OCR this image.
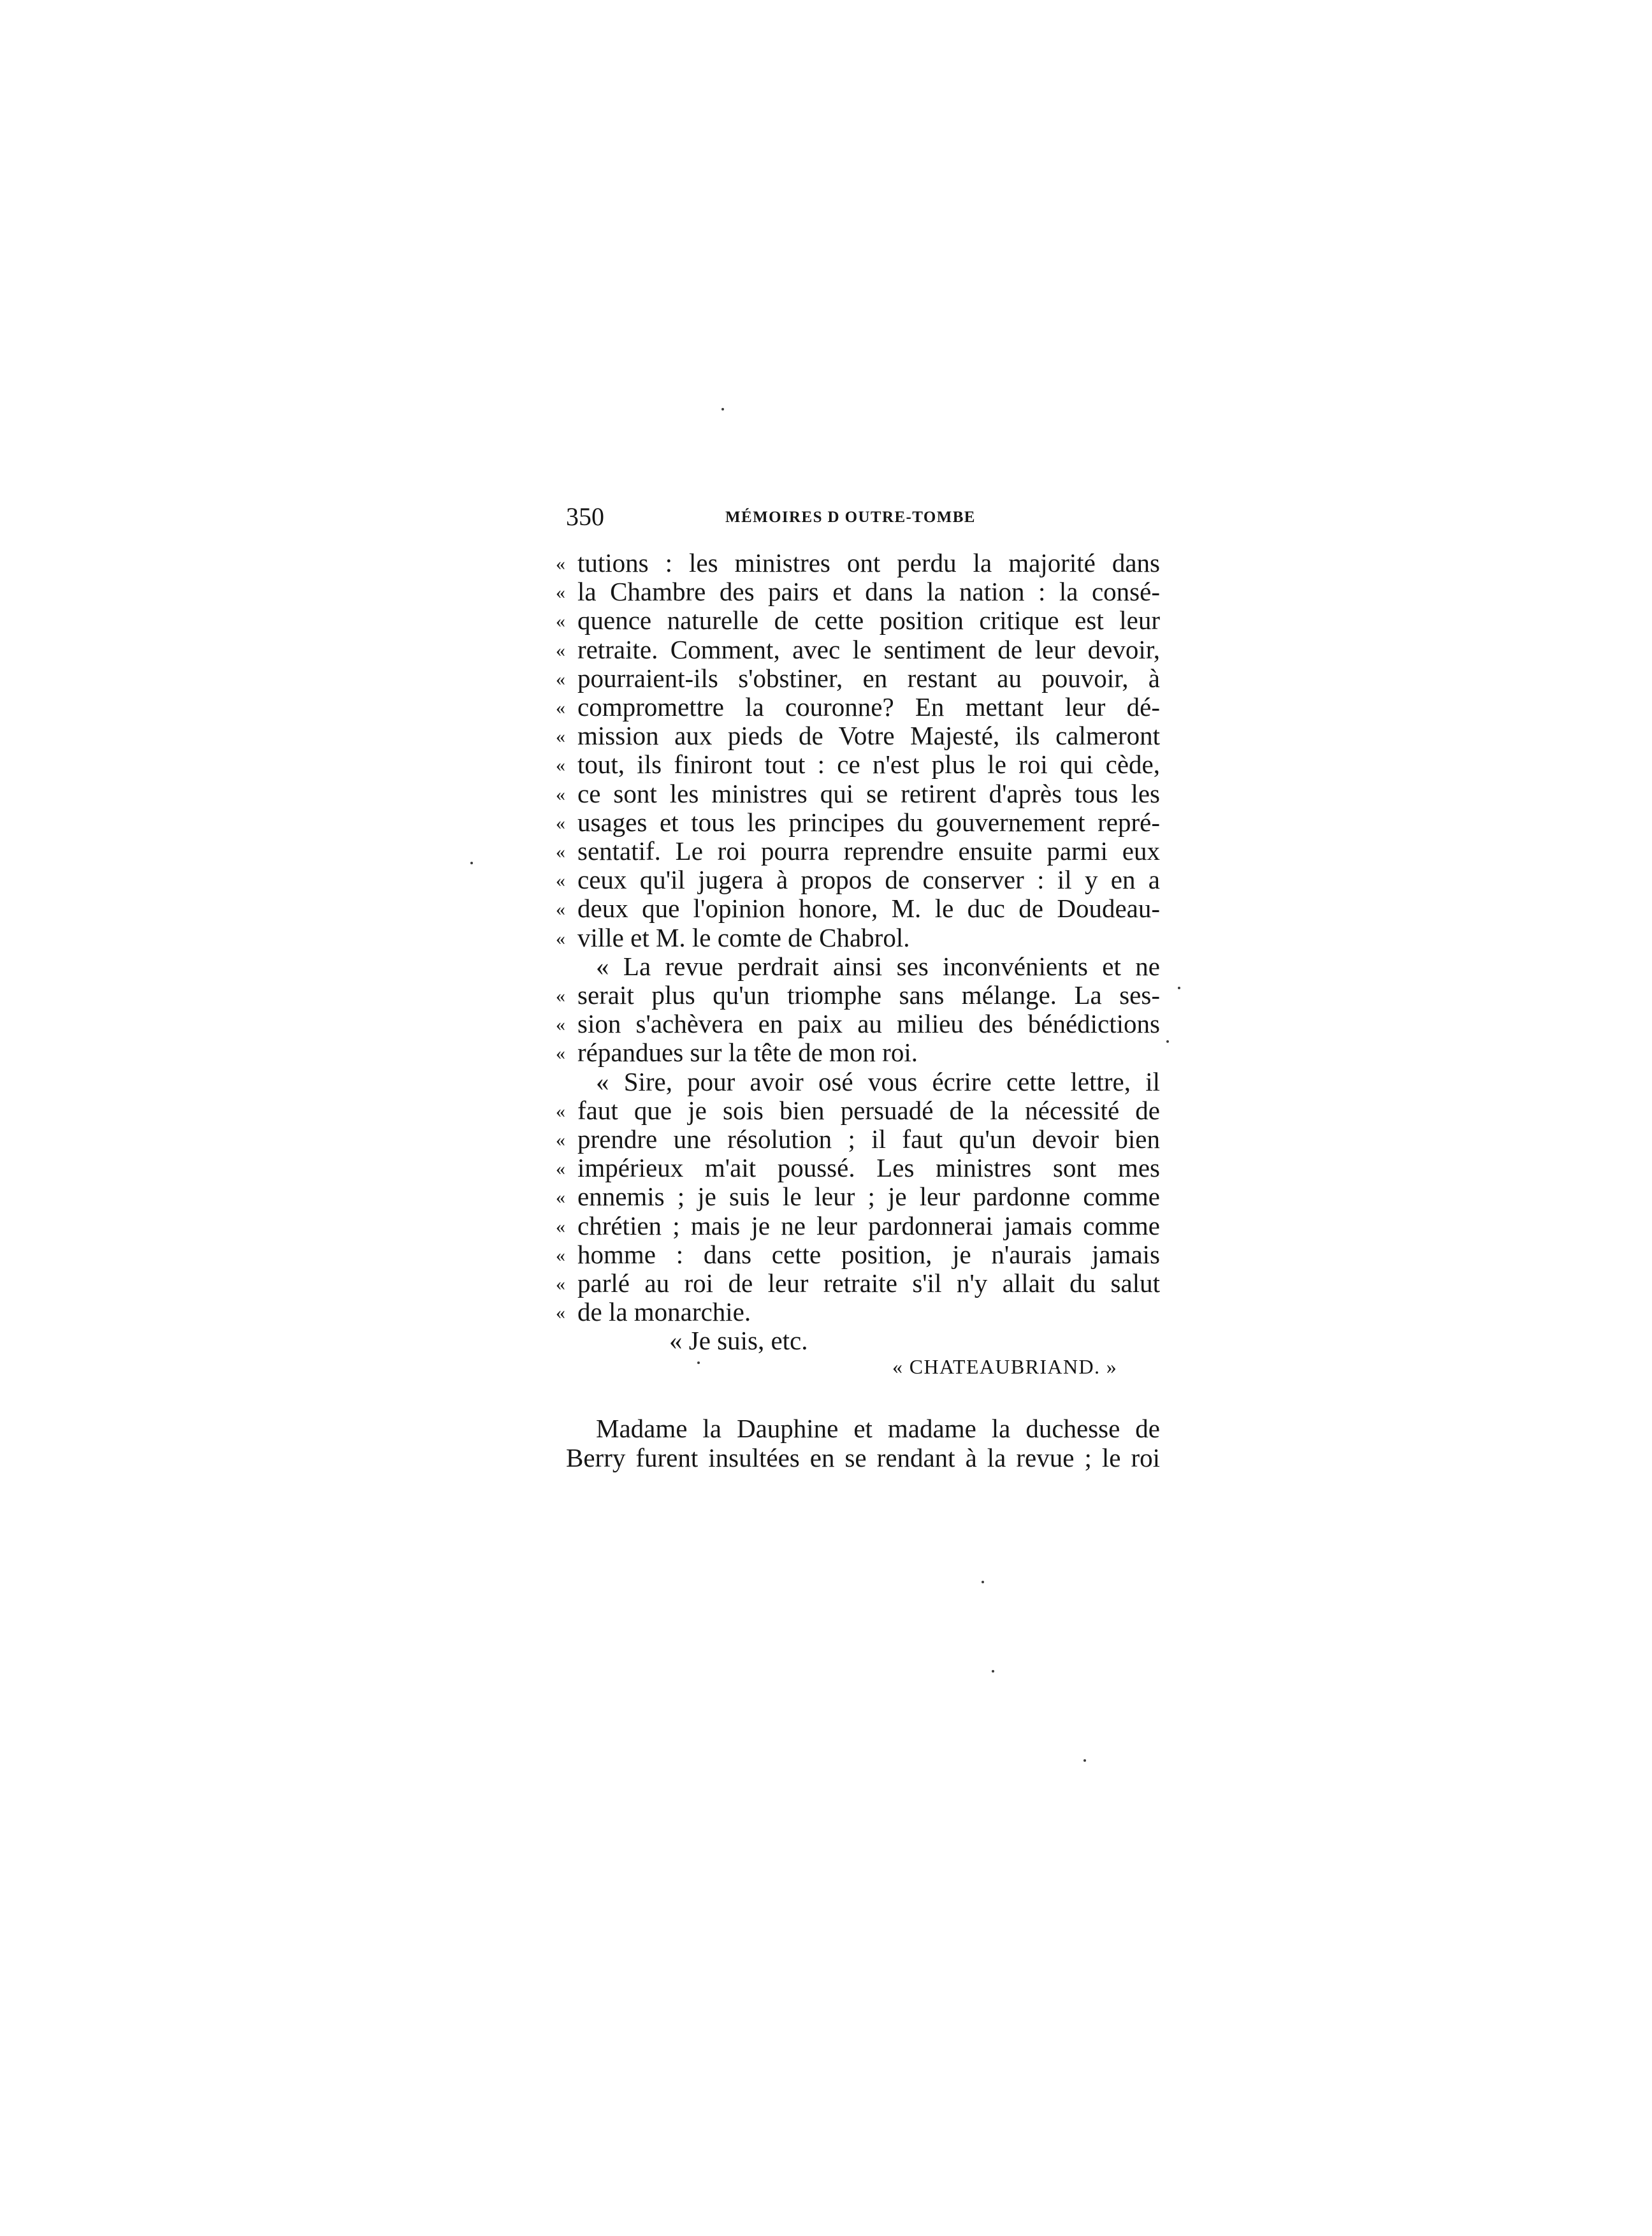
350	MÉMOIRES D OUTRE-TOMBE
« tutions : les ministres ont perdu la majorité dans
« la Chambre des pairs et dans la nation : la consé-
« quence naturelle de cette position critique est leur
« retraite. Comment, avec le sentiment de leur devoir,
« pourraient-ils s'obstiner, en restant au pouvoir, à
« compromettre la couronne? En mettant leur dé-
« mission aux pieds de Votre Majesté, ils calmeront
« tout, ils finiront tout : ce n'est plus le roi qui cède,
« ce sont les ministres qui se retirent d'après tous les
« usages et tous les principes du gouvernement repré-
« sentatif. Le roi pourra reprendre ensuite parmi eux
« ceux qu'il jugera à propos de conserver : il y en a
« deux que l'opinion honore, M. le duc de Doudeau-
« ville et M. le comte de Chabrol.
« La revue perdrait ainsi ses inconvénients et ne
« serait plus qu'un triomphe sans mélange. La ses-
« sion s'achèvera en paix au milieu des bénédictions
« répandues sur la tête de mon roi.
« Sire, pour avoir osé vous écrire cette lettre, il
« faut que je sois bien persuadé de la nécessité de
« prendre une résolution ; il faut qu'un devoir bien
« impérieux m'ait poussé. Les ministres sont mes
« ennemis ; je suis le leur ; je leur pardonne comme
« chrétien ; mais je ne leur pardonnerai jamais comme
« homme : dans cette position, je n'aurais jamais
« parlé au roi de leur retraite s'il n'y allait du salut
« de la monarchie.
« Je suis, etc.
« CHATEAUBRIAND. »
Madame la Dauphine et madame la duchesse de
Berry furent insultées en se rendant à la revue ; le roi
